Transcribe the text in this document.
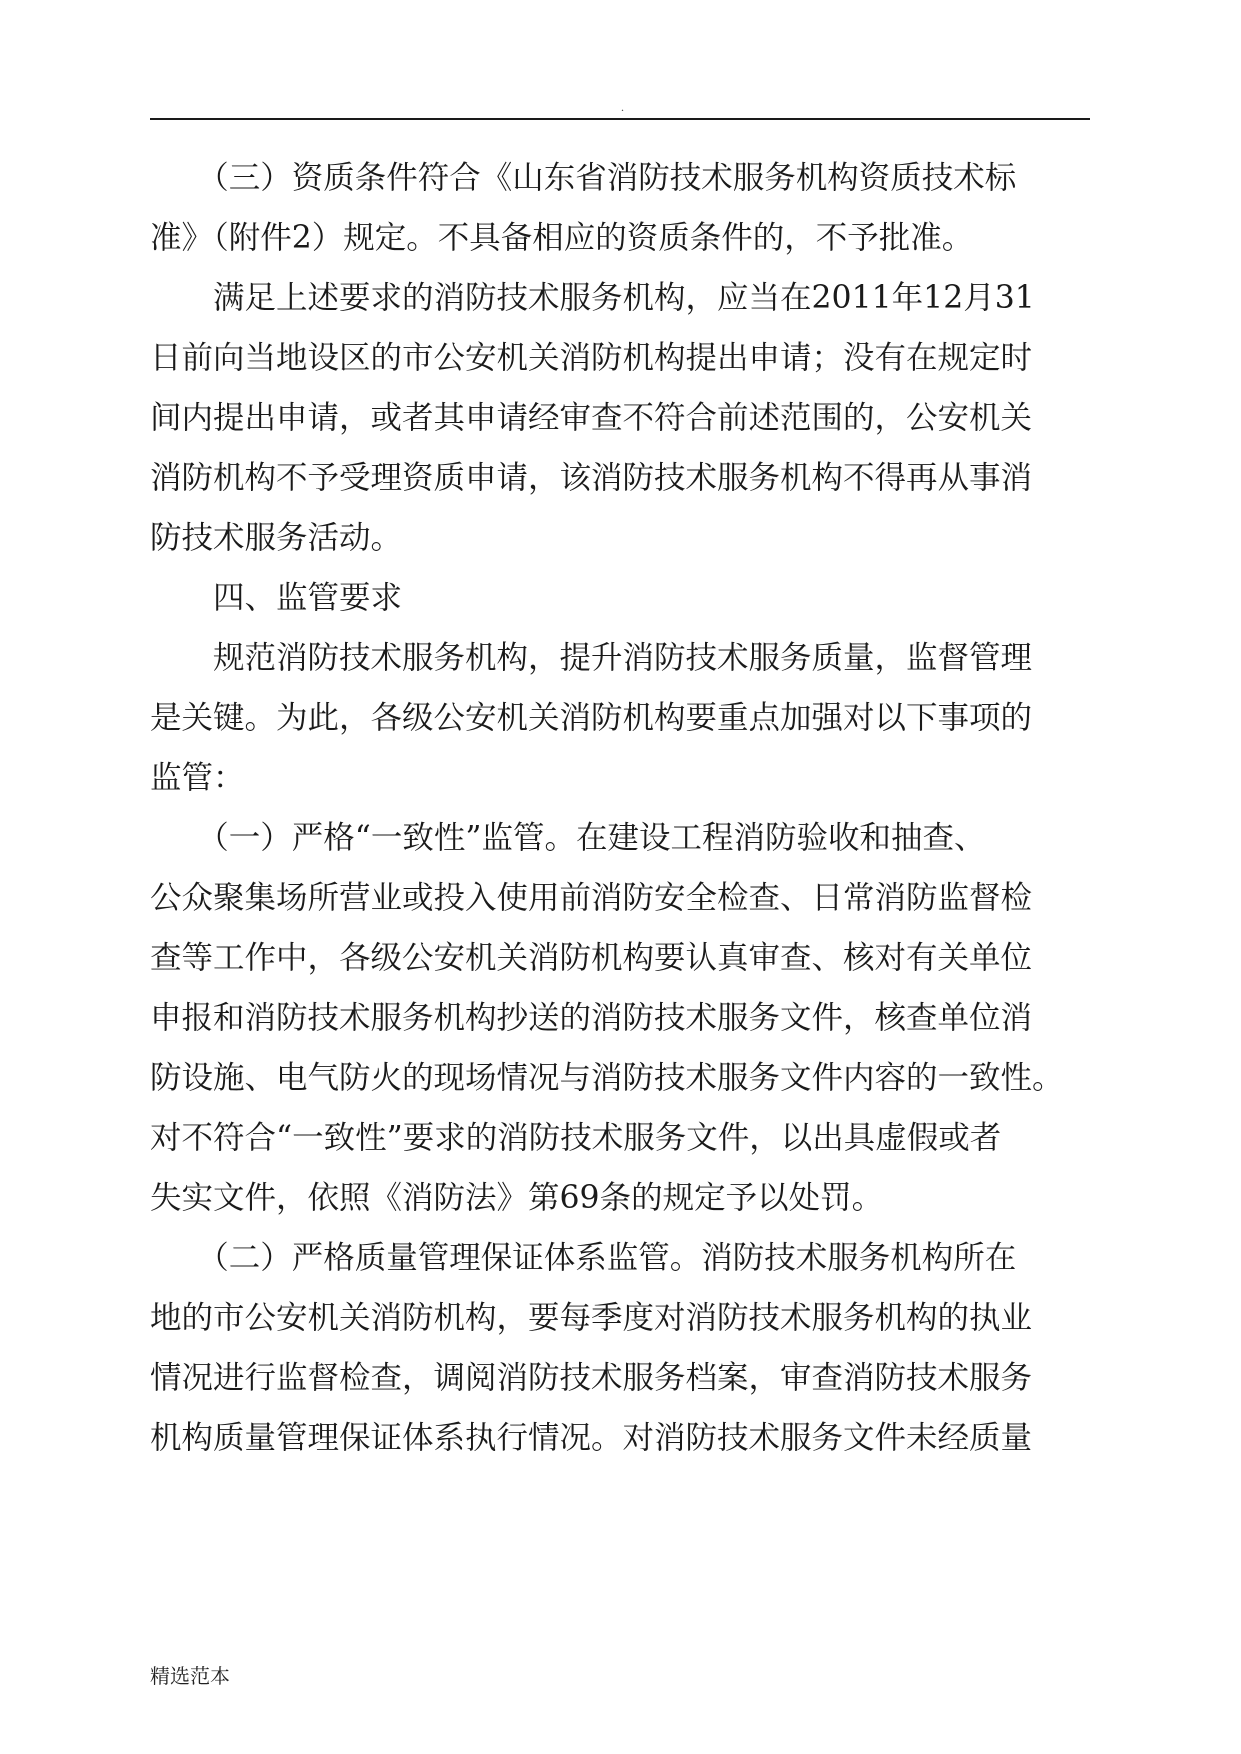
.
　　（三）资质条件符合《山东省消防技术服务机构资质技术标
准》（附件2）规定。不具备相应的资质条件的，不予批准。
　　满足上述要求的消防技术服务机构，应当在2011年12月31
日前向当地设区的市公安机关消防机构提出申请；没有在规定时
间内提出申请，或者其申请经审查不符合前述范围的，公安机关
消防机构不予受理资质申请，该消防技术服务机构不得再从事消
防技术服务活动。
　　四、监管要求
　　规范消防技术服务机构，提升消防技术服务质量，监督管理
是关键。为此，各级公安机关消防机构要重点加强对以下事项的
监管：
　　（一）严格“一致性”监管。在建设工程消防验收和抽查、
公众聚集场所营业或投入使用前消防安全检查、日常消防监督检
查等工作中，各级公安机关消防机构要认真审查、核对有关单位
申报和消防技术服务机构抄送的消防技术服务文件，核查单位消
防设施、电气防火的现场情况与消防技术服务文件内容的一致性。
对不符合“一致性”要求的消防技术服务文件，以出具虚假或者
失实文件，依照《消防法》第69条的规定予以处罚。
　　（二）严格质量管理保证体系监管。消防技术服务机构所在
地的市公安机关消防机构，要每季度对消防技术服务机构的执业
情况进行监督检查，调阅消防技术服务档案，审查消防技术服务
机构质量管理保证体系执行情况。对消防技术服务文件未经质量
精选范本
